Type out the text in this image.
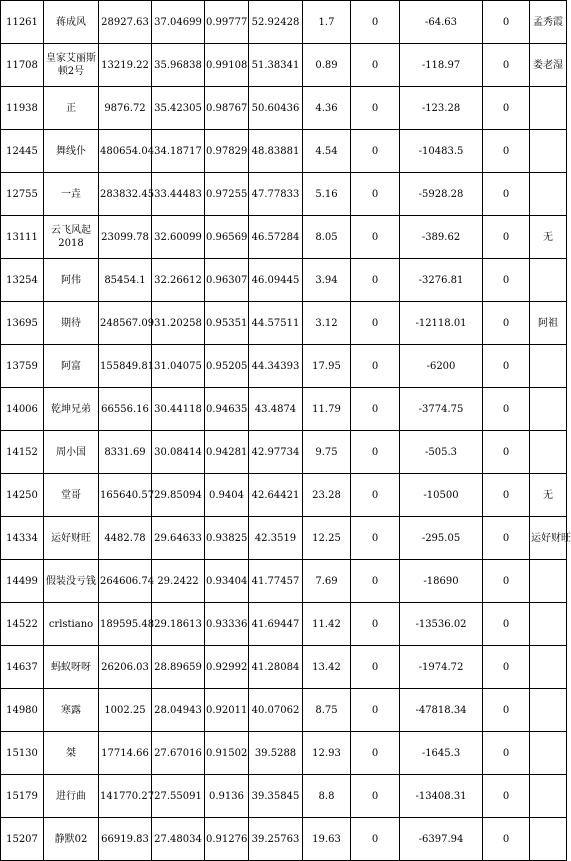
11261	蒋成风	28927.63	37.04699	0.99777	52.92428	1.7	0	-64.63	0	孟秀霞
11708	皇家艾丽斯顿2号	13219.22	35.96838	0.99108	51.38341	0.89	0	-118.97	0	娄老湿
11938	正	9876.72	35.42305	0.98767	50.60436	4.36	0	-123.28	0	
12445	舞线仆	480654.04	34.18717	0.97829	48.83881	4.54	0	-10483.5	0	
12755	一垚	283832.45	33.44483	0.97255	47.77833	5.16	0	-5928.28	0	
13111	云飞风起2018	23099.78	32.60099	0.96569	46.57284	8.05	0	-389.62	0	无
13254	阿伟	85454.1	32.26612	0.96307	46.09445	3.94	0	-3276.81	0	
13695	期待	248567.09	31.20258	0.95351	44.57511	3.12	0	-12118.01	0	阿祖
13759	阿富	155849.81	31.04075	0.95205	44.34393	17.95	0	-6200	0	
14006	乾坤兄弟	66556.16	30.44118	0.94635	43.4874	11.79	0	-3774.75	0	
14152	周小国	8331.69	30.08414	0.94281	42.97734	9.75	0	-505.3	0	
14250	堂哥	165640.57	29.85094	0.9404	42.64421	23.28	0	-10500	0	无
14334	运好财旺	4482.78	29.64633	0.93825	42.3519	12.25	0	-295.05	0	运好财旺
14499	假装没亏钱	264606.74	29.2422	0.93404	41.77457	7.69	0	-18690	0	
14522	crlstiano	189595.48	29.18613	0.93336	41.69447	11.42	0	-13536.02	0	
14637	蚂蚁呀呀	26206.03	28.89659	0.92992	41.28084	13.42	0	-1974.72	0	
14980	寒露	1002.25	28.04943	0.92011	40.07062	8.75	0	-47818.34	0	
15130	桀	17714.66	27.67016	0.91502	39.5288	12.93	0	-1645.3	0	
15179	进行曲	141770.27	27.55091	0.9136	39.35845	8.8	0	-13408.31	0	
15207	静默02	66919.83	27.48034	0.91276	39.25763	19.63	0	-6397.94	0	
